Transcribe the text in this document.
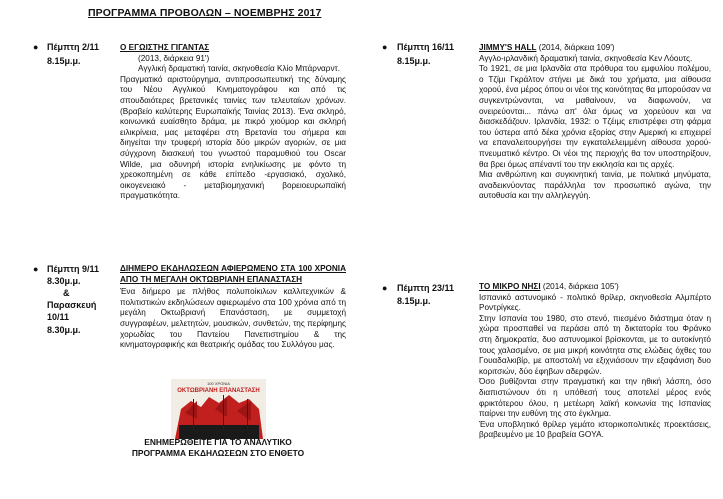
ΠΡΟΓΡΑΜΜΑ ΠΡΟΒΟΛΩΝ – ΝΟΕΜΒΡΗΣ 2017
● Πέμπτη 2/11
8.15μ.μ.

Ο ΕΓΩΙΣΤΗΣ ΓΙΓΑΝΤΑΣ

(2013, διάρκεια 91')

Αγγλική δραματική ταινία, σκηνοθεσία Κλίο Μπάρναρντ.

Πραγματικό αριστούργημα, αντιπροσωπευτική της δύναμης του Νέου Αγγλικού Κινηματογράφου και από τις σπουδαιότερες βρετανικές ταινίες των τελευταίων χρόνων. (Βραβείο καλύτερης Ευρωπαϊκής Ταινίας 2013). Ένα σκληρό, κοινωνικά ευαίσθητο δράμα, με πικρό χιούμορ και σκληρή ειλικρίνεια, μας μεταφέρει στη Βρετανία του σήμερα και διηγείται την τρυφερή ιστορία δύο μικρών αγοριών, σε μια σύγχρονη διασκευή του γνωστού παραμυθιού του Oscar Wilde, μια οδυνηρή ιστορία ενηλικίωσης με φόντο τη χρεοκοπημένη σε κάθε επίπεδο -εργασιακό, σχολικό, οικογενειακό - μεταβιομηχανική βορειοευρωπαϊκή πραγματικότητα.

● Πέμπτη 9/11
8.30μ.μ.
&
Παρασκευή
10/11
8.30μ.μ.

ΔΙΗΜΕΡΟ ΕΚΔΗΛΩΣΕΩΝ ΑΦΙΕΡΩΜΕΝΟ ΣΤΑ 100 ΧΡΟΝΙΑ ΑΠΟ ΤΗ ΜΕΓΑΛΗ ΟΚΤΩΒΡΙΑΝΗ ΕΠΑΝΑΣΤΑΣΗ

Ένα διήμερο με πλήθος πολυποίκιλων καλλιτεχνικών & πολιτιστικών εκδηλώσεων αφιερωμένο στα 100 χρόνια από τη μεγάλη Οκτωβριανή Επανάσταση, με συμμετοχή συγγραφέων, μελετητών, μουσικών, συνθετών, της περίφημης χορωδίας του Παντείου Πανεπιστημίου & της κινηματογραφικής και θεατρικής ομάδας του Συλλόγου μας.

100 ΧΡΟΝΙΑ
ΟΚΤΩΒΡΙΑΝΗ ΕΠΑΝΑΣΤΑΣΗ
ΕΝΗΜΕΡΩΘΕΙΤΕ ΓΙΑ ΤΟ ΑΝΑΛΥΤΙΚΟ ΠΡΟΓΡΑΜΜΑ ΕΚΔΗΛΩΣΕΩΝ ΣΤΟ ΕΝΘΕΤΟ
● Πέμπτη 16/11
8.15μ.μ.

JIMMY'S HALL (2014, διάρκεια 109')

Αγγλο-ιρλανδική δραματική ταινία, σκηνοθεσία Κεν Λόουτς.

Το 1921, σε μια Ιρλανδία στα πρόθυρα του εμφυλίου πολέμου, ο Τζίμι Γκράλτον στήνει με δικά του χρήματα, μια αίθουσα χορού, ένα μέρος όπου οι νέοι της κοινότητας θα μπορούσαν να συγκεντρώνονται, να μαθαίνουν, να διαφωνούν, να ονειρεύονται... πάνω απ' όλα όμως να χορεύουν και να διασκεδάζουν. Ιρλανδία, 1932: ο Τζέιμς επιστρέφει στη φάρμα του ύστερα από δέκα χρόνια εξορίας στην Αμερική κι επιχειρεί να επαναλειτουργήσει την εγκαταλελειμμένη αίθουσα χορού-πνευματικό κέντρο. Οι νέοι της περιοχής θα τον υποστηρίξουν, θα βρει όμως απέναντί του την εκκλησία και τις αρχές.

Μια ανθρώπινη και συγκινητική ταινία, με πολιτικά μηνύματα, αναδεικνύοντας παράλληλα τον προσωπικό αγώνα, την αυτοθυσία και την αλληλεγγύη.

● Πέμπτη 23/11
8.15μ.μ.

ΤΟ ΜΙΚΡΟ ΝΗΣΙ (2014, διάρκεια 105')

Ισπανικό αστυνομικό - πολιτικό θρίλερ, σκηνοθεσία Αλμπέρτο Ροντρίγκες.

Στην Ισπανία του 1980, στο στενό, πιεσμένο διάστημα όταν η χώρα προσπαθεί να περάσει από τη δικτατορία του Φράνκο στη δημοκρατία, δυο αστυνομικοί βρίσκονται, με το αυτοκίνητό τους χαλασμένο, σε μια μικρή κοινότητα στις ελώδεις όχθες του Γουαδαλκιβίρ, με αποστολή να εξιχνιάσουν την εξαφάνιση δυο κοριτσιών, δύο έφηβων αδερφών.

Όσο βυθίζονται στην πραγματική και την ηθική λάσπη, όσο διαπιστώνουν ότι η υπόθεσή τους αποτελεί μέρος ενός φρικτότερου όλου, η μετέωρη λαϊκή κοινωνία της Ισπανίας παίρνει την ευθύνη της στο έγκλημα.

Ένα υποβλητικό θρίλερ γεμάτο ιστορικοπολιτικές προεκτάσεις, βραβευμένο με 10 βραβεία GOYA.
